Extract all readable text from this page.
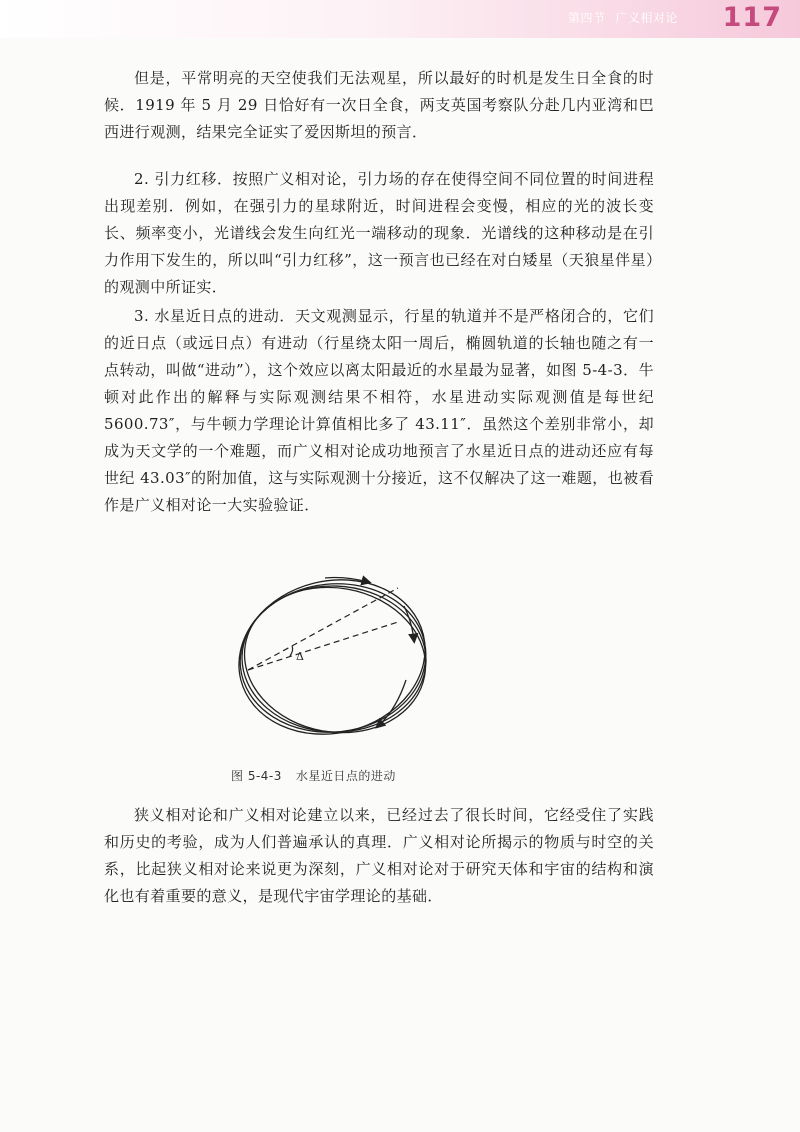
第四节 广义相对论 117

但是，平常明亮的天空使我们无法观星，所以最好的时机是发生日全食的时候．1919 年 5 月 29 日恰好有一次日全食，两支英国考察队分赴几内亚湾和巴西进行观测，结果完全证实了爱因斯坦的预言．

2. 引力红移．按照广义相对论，引力场的存在使得空间不同位置的时间进程出现差别．例如，在强引力的星球附近，时间进程会变慢，相应的光的波长变长、频率变小，光谱线会发生向红光一端移动的现象．光谱线的这种移动是在引力作用下发生的，所以叫“引力红移”，这一预言也已经在对白矮星（天狼星伴星）的观测中所证实．

3. 水星近日点的进动．天文观测显示，行星的轨道并不是严格闭合的，它们的近日点（或远日点）有进动（行星绕太阳一周后，椭圆轨道的长轴也随之有一点转动，叫做“进动”），这个效应以离太阳最近的水星最为显著，如图 5-4-3．牛顿对此作出的解释与实际观测结果不相符，水星进动实际观测值是每世纪 5600.73″，与牛顿力学理论计算值相比多了 43.11″．虽然这个差别非常小，却成为天文学的一个难题，而广义相对论成功地预言了水星近日点的进动还应有每世纪 43.03″的附加值，这与实际观测十分接近，这不仅解决了这一难题，也被看作是广义相对论一大实验验证．

Δ
图 5-4-3 水星近日点的进动

狭义相对论和广义相对论建立以来，已经过去了很长时间，它经受住了实践和历史的考验，成为人们普遍承认的真理．广义相对论所揭示的物质与时空的关系，比起狭义相对论来说更为深刻，广义相对论对于研究天体和宇宙的结构和演化也有着重要的意义，是现代宇宙学理论的基础．
